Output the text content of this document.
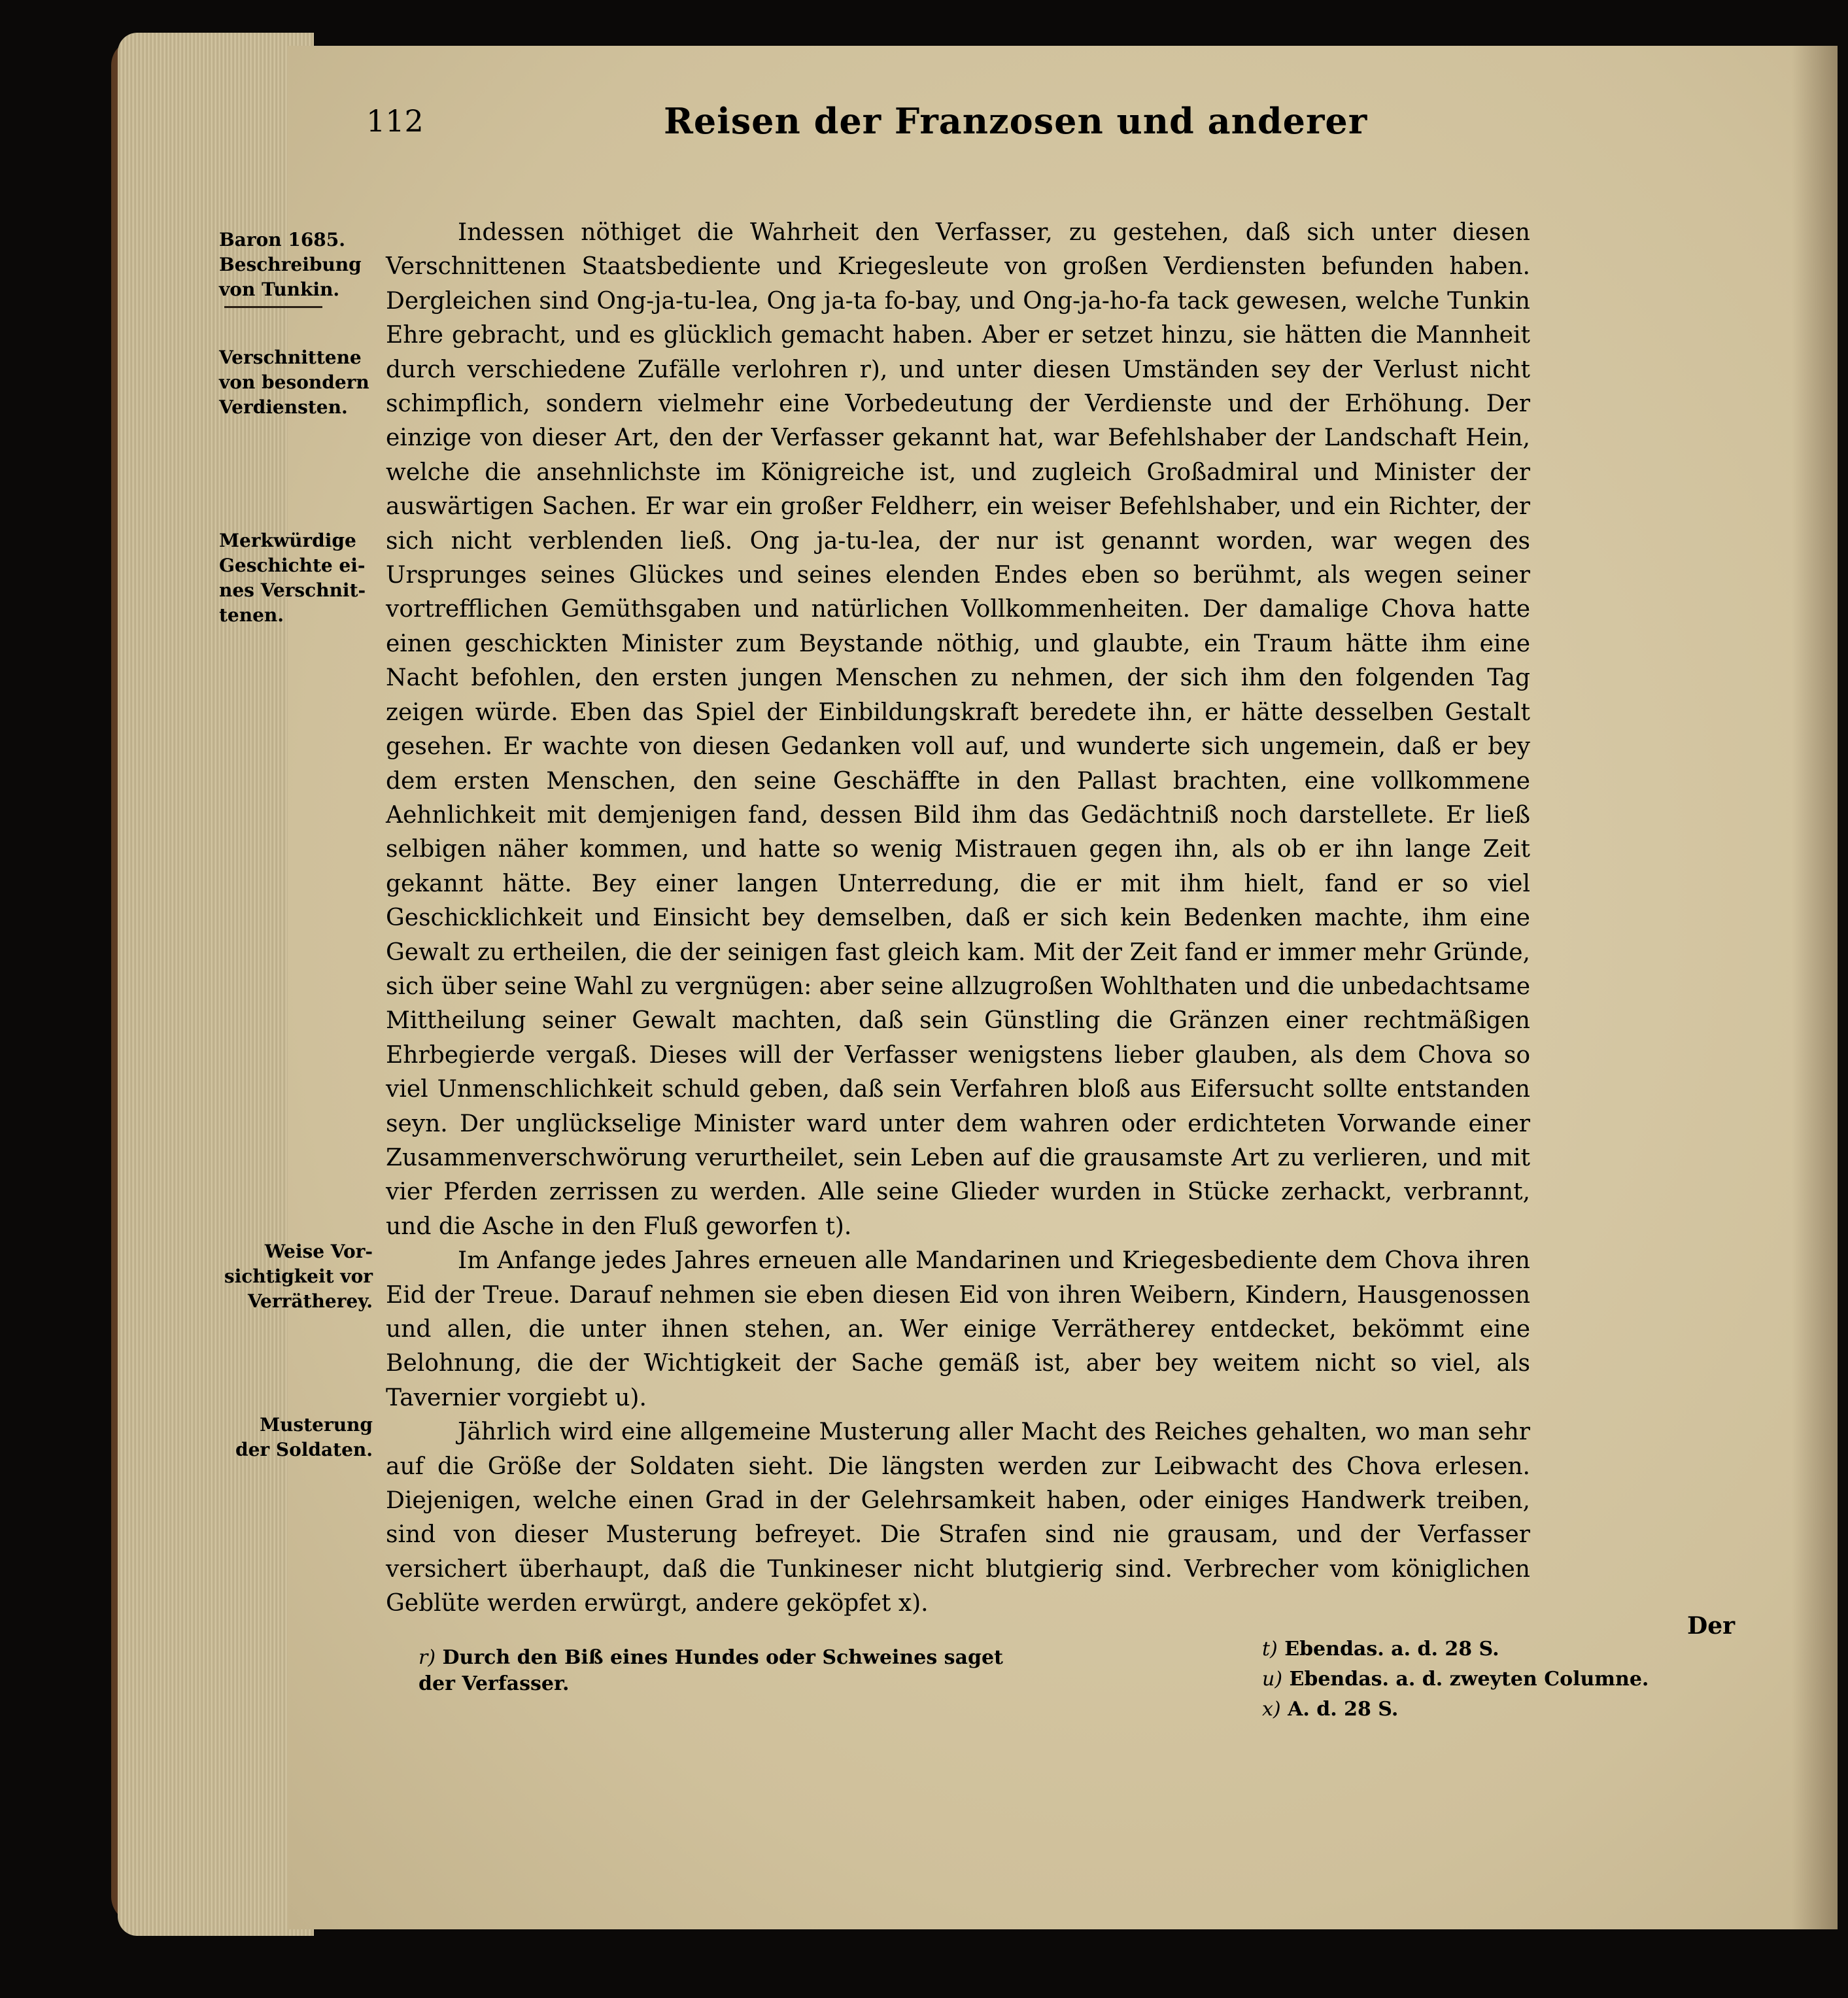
112	Reisen der Franzosen und anderer
Baron 1685.
Beschreibung
von Tunkin.
Verschnittene
von besondern
Verdiensten.
Merkwürdige
Geschichte ei-
nes Verschnit-
tenen.
Weise Vor-
sichtigkeit vor
Verrätherey.
Musterung
der Soldaten.

Indessen nöthiget die Wahrheit den Verfasser, zu gestehen, daß sich unter diesen Verschnittenen Staatsbediente und Kriegesleute von großen Verdiensten befunden haben. Dergleichen sind Ong-ja-tu-lea, Ong ja-ta fo-bay, und Ong-ja-ho-fa tack gewesen, welche Tunkin Ehre gebracht, und es glücklich gemacht haben. Aber er setzet hinzu, sie hätten die Mannheit durch verschiedene Zufälle verlohren r), und unter diesen Umständen sey der Verlust nicht schimpflich, sondern vielmehr eine Vorbedeutung der Verdienste und der Erhöhung. Der einzige von dieser Art, den der Verfasser gekannt hat, war Befehlshaber der Landschaft Hein, welche die ansehnlichste im Königreiche ist, und zugleich Großadmiral und Minister der auswärtigen Sachen. Er war ein großer Feldherr, ein weiser Befehlshaber, und ein Richter, der sich nicht verblenden ließ. Ong ja-tu-lea, der nur ist genannt worden, war wegen des Ursprunges seines Glückes und seines elenden Endes eben so berühmt, als wegen seiner vortrefflichen Gemüthsgaben und natürlichen Vollkommenheiten. Der damalige Chova hatte einen geschickten Minister zum Beystande nöthig, und glaubte, ein Traum hätte ihm eine Nacht befohlen, den ersten jungen Menschen zu nehmen, der sich ihm den folgenden Tag zeigen würde. Eben das Spiel der Einbildungskraft beredete ihn, er hätte desselben Gestalt gesehen. Er wachte von diesen Gedanken voll auf, und wunderte sich ungemein, daß er bey dem ersten Menschen, den seine Geschäffte in den Pallast brachten, eine vollkommene Aehnlichkeit mit demjenigen fand, dessen Bild ihm das Gedächtniß noch darstellete. Er ließ selbigen näher kommen, und hatte so wenig Mistrauen gegen ihn, als ob er ihn lange Zeit gekannt hätte. Bey einer langen Unterredung, die er mit ihm hielt, fand er so viel Geschicklichkeit und Einsicht bey demselben, daß er sich kein Bedenken machte, ihm eine Gewalt zu ertheilen, die der seinigen fast gleich kam. Mit der Zeit fand er immer mehr Gründe, sich über seine Wahl zu vergnügen: aber seine allzugroßen Wohlthaten und die unbedachtsame Mittheilung seiner Gewalt machten, daß sein Günstling die Gränzen einer rechtmäßigen Ehrbegierde vergaß. Dieses will der Verfasser wenigstens lieber glauben, als dem Chova so viel Unmenschlichkeit schuld geben, daß sein Verfahren bloß aus Eifersucht sollte entstanden seyn. Der unglückselige Minister ward unter dem wahren oder erdichteten Vorwande einer Zusammenverschwörung verurtheilet, sein Leben auf die grausamste Art zu verlieren, und mit vier Pferden zerrissen zu werden. Alle seine Glieder wurden in Stücke zerhackt, verbrannt, und die Asche in den Fluß geworfen t).

Im Anfange jedes Jahres erneuen alle Mandarinen und Kriegesbediente dem Chova ihren Eid der Treue. Darauf nehmen sie eben diesen Eid von ihren Weibern, Kindern, Hausgenossen und allen, die unter ihnen stehen, an. Wer einige Verrätherey entdecket, bekömmt eine Belohnung, die der Wichtigkeit der Sache gemäß ist, aber bey weitem nicht so viel, als Tavernier vorgiebt u).

Jährlich wird eine allgemeine Musterung aller Macht des Reiches gehalten, wo man sehr auf die Größe der Soldaten sieht. Die längsten werden zur Leibwacht des Chova erlesen. Diejenigen, welche einen Grad in der Gelehrsamkeit haben, oder einiges Handwerk treiben, sind von dieser Musterung befreyet. Die Strafen sind nie grausam, und der Verfasser versichert überhaupt, daß die Tunkineser nicht blutgierig sind. Verbrecher vom königlichen Geblüte werden erwürgt, andere geköpfet x).

Der
r) Durch den Biß eines Hundes oder Schweines saget der Verfasser.
t) Ebendas. a. d. 28 S.
u) Ebendas. a. d. zweyten Columne.
x) A. d. 28 S.
